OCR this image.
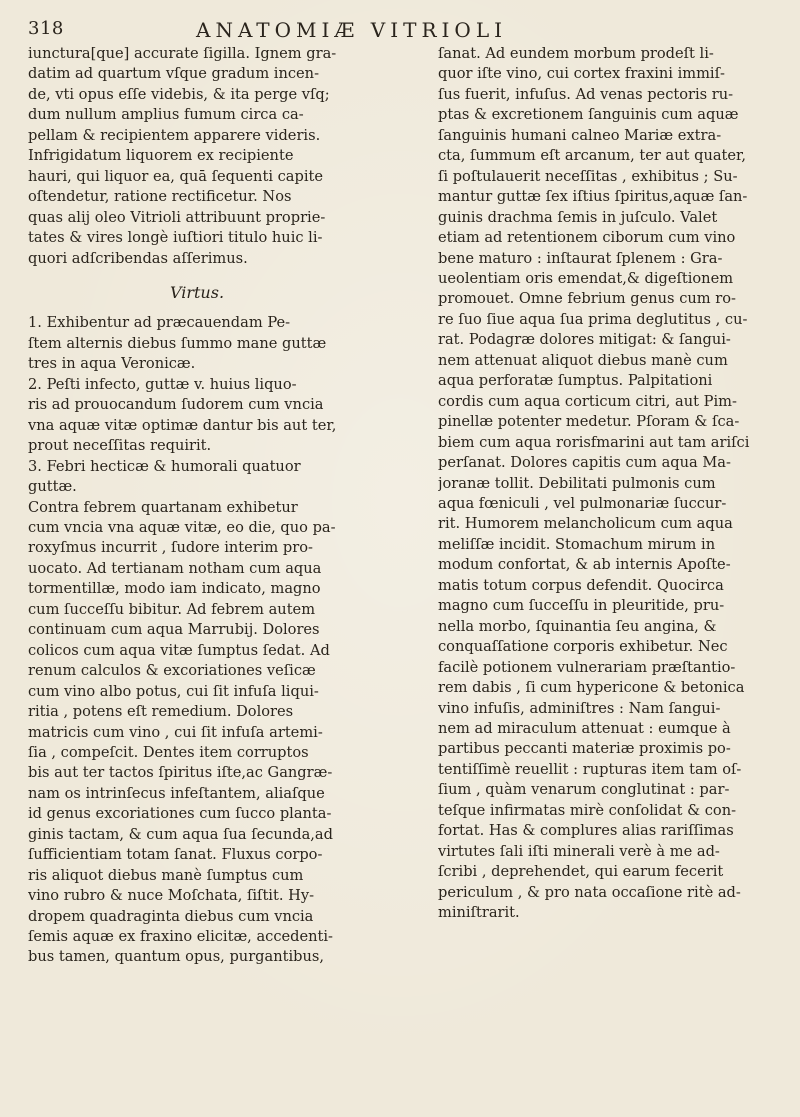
318	ANATOMIÆ VITRIOLI
iunctura[que] accurate ſigilla. Ignem gra-
datim ad quartum vſque gradum incen-
de, vti opus eſſe videbis, & ita perge vſq;
dum nullum amplius fumum circa ca-
pellam & recipientem apparere videris.
Infrigidatum liquorem ex recipiente
hauri, qui liquor ea, quā ſequenti capite
oſtendetur, ratione rectificetur. Nos
quas alij oleo Vitrioli attribuunt proprie-
tates & vires longè iuſtiori titulo huic li-
quori adſcribendas aſſerimus.
Virtus.
1. Exhibentur ad præcauendam Pe-
ſtem alternis diebus ſummo mane guttæ
tres in aqua Veronicæ.
2. Peſti infecto, guttæ v. huius liquo-
ris ad prouocandum ſudorem cum vncia
vna aquæ vitæ optimæ dantur bis aut ter,
prout neceſſitas requirit.
3. Febri hecticæ & humorali quatuor
guttæ.
Contra febrem quartanam exhibetur
cum vncia vna aquæ vitæ, eo die, quo pa-
roxyſmus incurrit , ſudore interim pro-
uocato. Ad tertianam notham cum aqua
tormentillæ, modo iam indicato, magno
cum ſucceſſu bibitur. Ad febrem autem
continuam cum aqua Marrubij. Dolores
colicos cum aqua vitæ ſumptus ſedat. Ad
renum calculos & excoriationes veſicæ
cum vino albo potus, cui ſit infuſa liqui-
ritia , potens eſt remedium. Dolores
matricis cum vino , cui ſit infuſa artemi-
ſia , compeſcit. Dentes item corruptos
bis aut ter tactos ſpiritus iſte,ac Gangræ-
nam os intrinſecus infeſtantem, aliaſque
id genus excoriationes cum ſucco planta-
ginis tactam, & cum aqua ſua ſecunda,ad
ſufficientiam totam ſanat. Fluxus corpo-
ris aliquot diebus manè ſumptus cum
vino rubro & nuce Moſchata, ſiſtit. Hy-
dropem quadraginta diebus cum vncia
ſemis aquæ ex fraxino elicitæ, accedenti-
bus tamen, quantum opus, purgantibus,
ſanat. Ad eundem morbum prodeſt li-
quor iſte vino, cui cortex fraxini immiſ-
ſus fuerit, infuſus. Ad venas pectoris ru-
ptas & excretionem ſanguinis cum aquæ
ſanguinis humani calneo Mariæ extra-
cta, ſummum eſt arcanum, ter aut quater,
ſi poſtulauerit neceſſitas , exhibitus ; Su-
mantur guttæ ſex iſtius ſpiritus,aquæ ſan-
guinis drachma ſemis in juſculo. Valet
etiam ad retentionem ciborum cum vino
bene maturo : inſtaurat ſplenem : Gra-
ueolentiam oris emendat,& digeſtionem
promouet. Omne febrium genus cum ro-
re ſuo ſiue aqua ſua prima deglutitus , cu-
rat. Podagræ dolores mitigat: & ſangui-
nem attenuat aliquot diebus manè cum
aqua perforatæ ſumptus. Palpitationi
cordis cum aqua corticum citri, aut Pim-
pinellæ potenter medetur. Pſoram & ſca-
biem cum aqua rorisfmarini aut tam ariſci
perſanat. Dolores capitis cum aqua Ma-
joranæ tollit. Debilitati pulmonis cum
aqua fœniculi , vel pulmonariæ ſuccur-
rit. Humorem melancholicum cum aqua
meliſſæ incidit. Stomachum mirum in
modum confortat, & ab internis Apoſte-
matis totum corpus defendit. Quocirca
magno cum ſucceſſu in pleuritide, pru-
nella morbo, ſquinantia ſeu angina, &
conquaſſatione corporis exhibetur. Nec
facilè potionem vulnerariam præſtantio-
rem dabis , ſi cum hypericone & betonica
vino infuſis, adminiſtres : Nam ſangui-
nem ad miraculum attenuat : eumque à
partibus peccanti materiæ proximis po-
tentiſſimè reuellit : rupturas item tam oſ-
ſium , quàm venarum conglutinat : par-
teſque infirmatas mirè conſolidat & con-
fortat. Has & complures alias rariſſimas
virtutes ſali iſti minerali verè à me ad-
ſcribi , deprehendet, qui earum fecerit
periculum , & pro nata occaſione ritè ad-
miniſtrarit.
